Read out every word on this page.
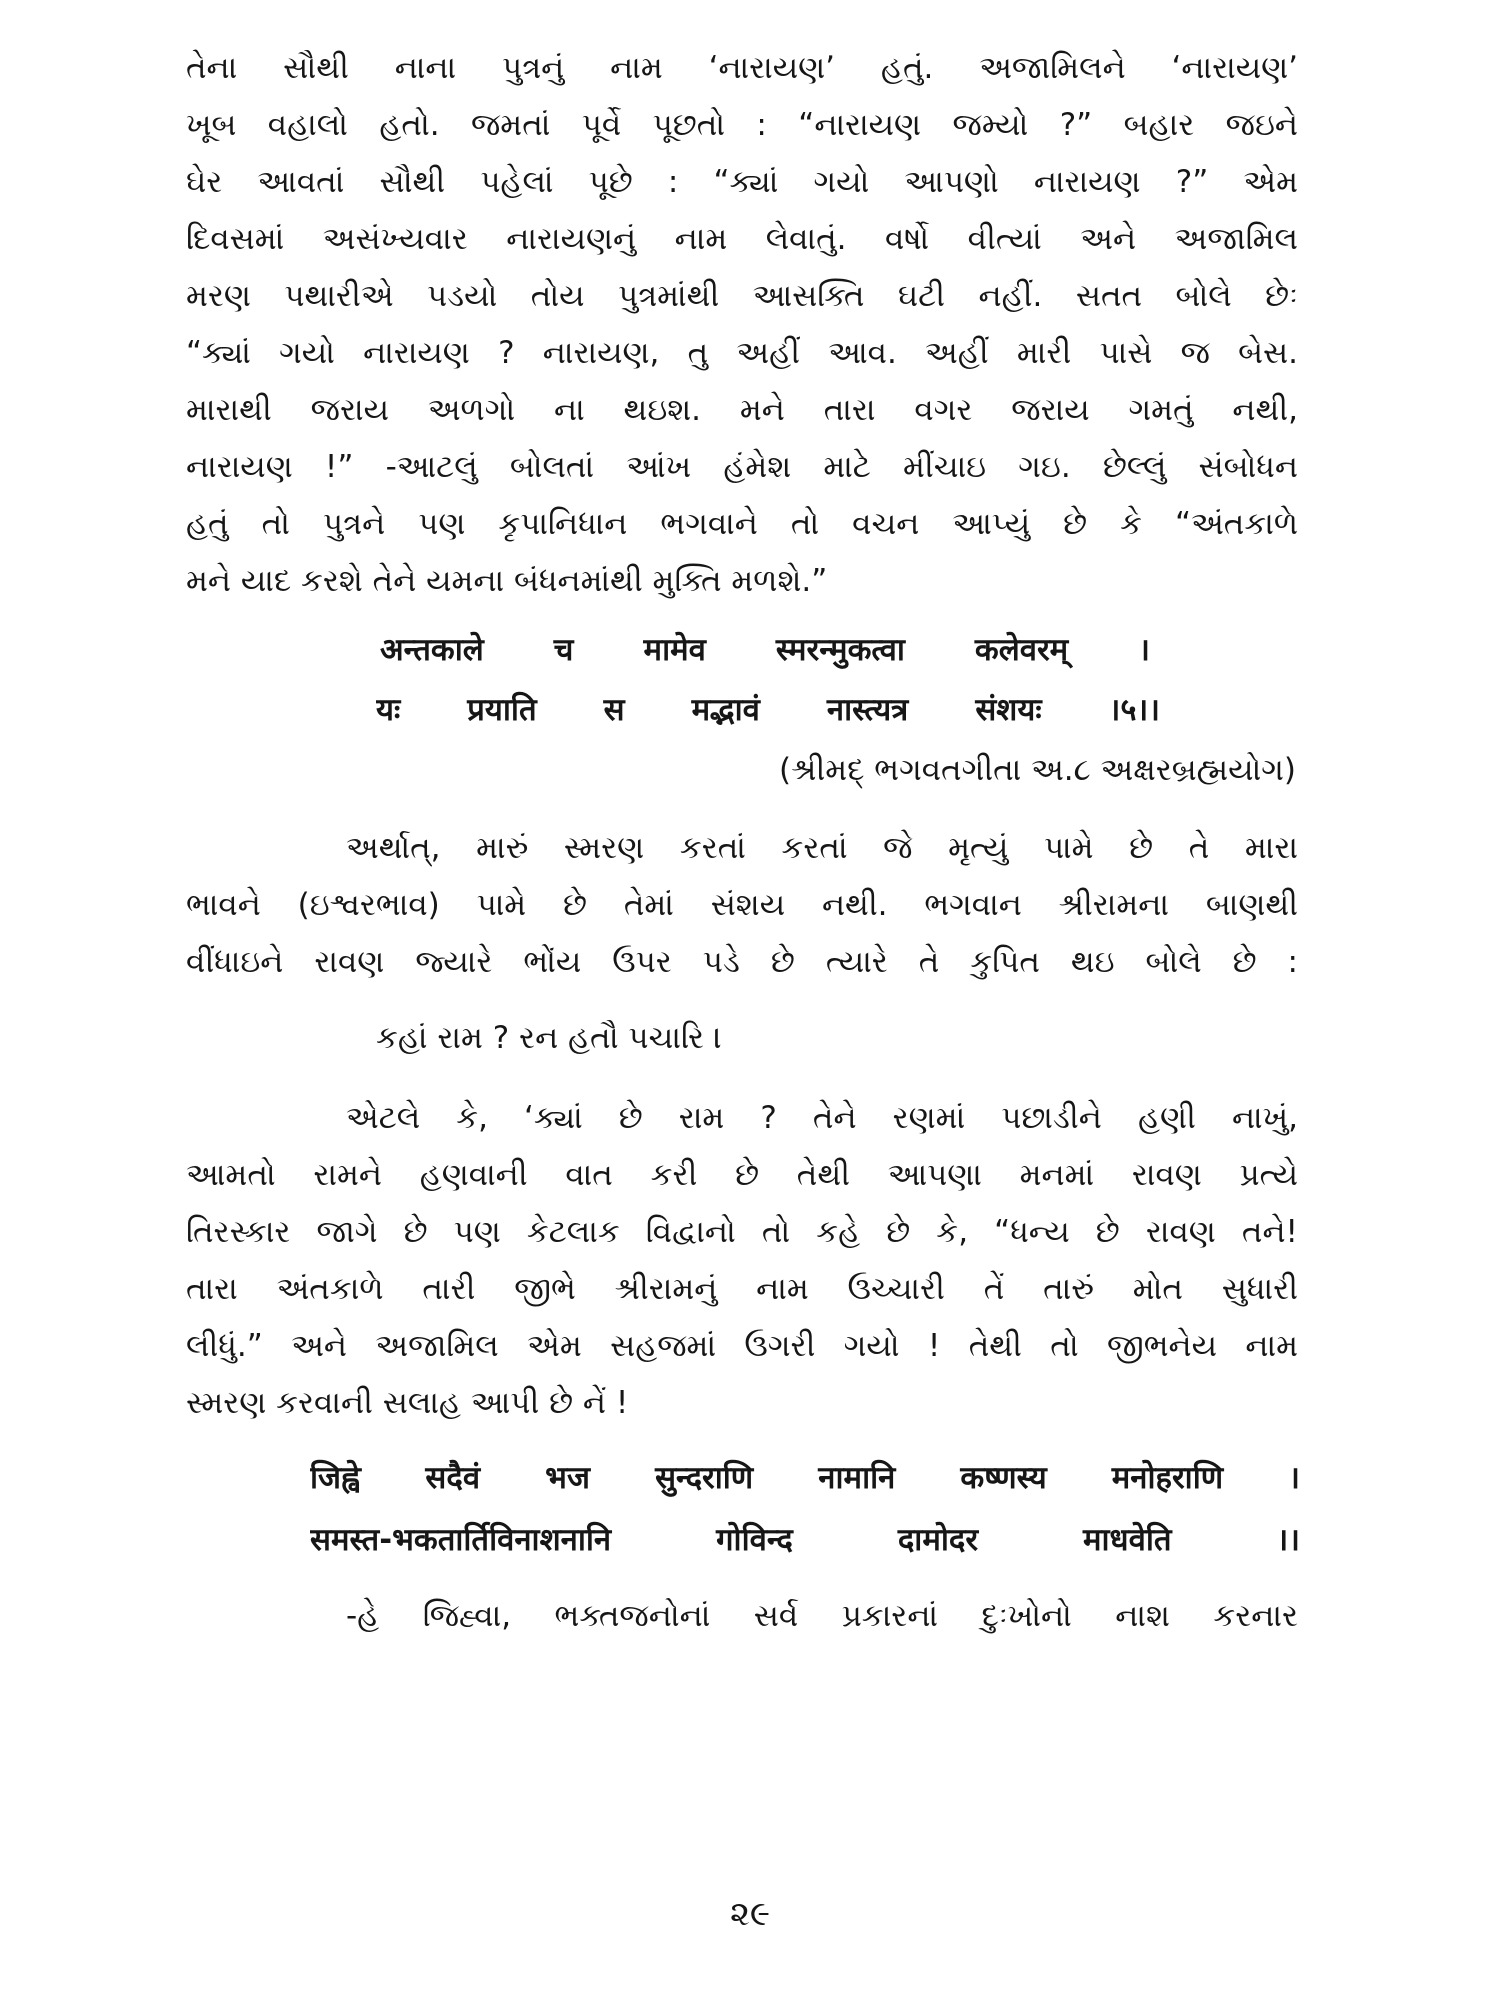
તેના સૌથી નાના પુત્રનું નામ ‘નારાયણ’ હતું. અજામિલને ‘નારાયણ’
ખૂબ વહાલો હતો. જમતાં પૂર્વે પૂછતો : “નારાયણ જમ્યો ?” બહાર જઇને
ઘેર આવતાં સૌથી પહેલાં પૂછે : “ક્યાં ગયો આપણો નારાયણ ?” એમ
દિવસમાં અસંખ્યવાર નારાયણનું નામ લેવાતું. વર્ષો વીત્યાં અને અજામિલ
મરણ પથારીએ પડયો તોય પુત્રમાંથી આસક્તિ ઘટી નહીં. સતત બોલે છેઃ
“ક્યાં ગયો નારાયણ ? નારાયણ, તુ અહીં આવ. અહીં મારી પાસે જ બેસ.
મારાથી જરાય અળગો ના થઇશ. મને તારા વગર જરાય ગમતું નથી,
નારાયણ !” -આટલું બોલતાં આંખ હંમેશ માટે મીંચાઇ ગઇ. છેલ્લું સંબોધન
હતું તો પુત્રને પણ કૃપાનિધાન ભગવાને તો વચન આપ્યું છે કે “અંતકાળે
મને યાદ કરશે તેને યમના બંધનમાંથી મુક્તિ મળશે.”
अन्तकाले च मामेव स्मरन्मुकत्वा कलेवरम् ।
यः प्रयाति स मद्भावं नास्त्यत्र संशयः ।५।।
(શ્રીમદ્ ભગવતગીતા અ.૮ અક્ષરબ્રહ્મયોગ)
અર્થાત્, મારું સ્મરણ કરતાં કરતાં જે મૃત્યું પામે છે તે મારા
ભાવને (ઇશ્વરભાવ) પામે છે તેમાં સંશય નથી. ભગવાન શ્રીરામના બાણથી
વીંધાઇને રાવણ જ્યારે ભોંય ઉપર પડે છે ત્યારે તે કુપિત થઇ બોલે છે :
કહાં રામ ? રન હતૌ પચારિ ।
એટલે કે, ‘ક્યાં છે રામ ? તેને રણમાં પછાડીને હણી નાખું,
આમતો રામને હણવાની વાત કરી છે તેથી આપણા મનમાં રાવણ પ્રત્યે
તિરસ્કાર જાગે છે પણ કેટલાક વિદ્વાનો તો કહે છે કે, “ધન્ય છે રાવણ તને!
તારા અંતકાળે તારી જીભે શ્રીરામનું નામ ઉચ્ચારી તેં તારું મોત સુધારી
લીધું.” અને અજામિલ એમ સહજમાં ઉગરી ગયો ! તેથી તો જીભનેય નામ
સ્મરણ કરવાની સલાહ આપી છે નેં !
जिह्वे सदैवं भज सुन्दराणि नामानि कष्णस्य मनोहराणि ।
समस्त-भकतार्तिविनाशनानि गोविन्द दामोदर माधवेति ।।
-હે જિહ્વા, ભક્તજનોનાં સર્વ પ્રકારનાં દુઃખોનો નાશ કરનાર
૨૯
